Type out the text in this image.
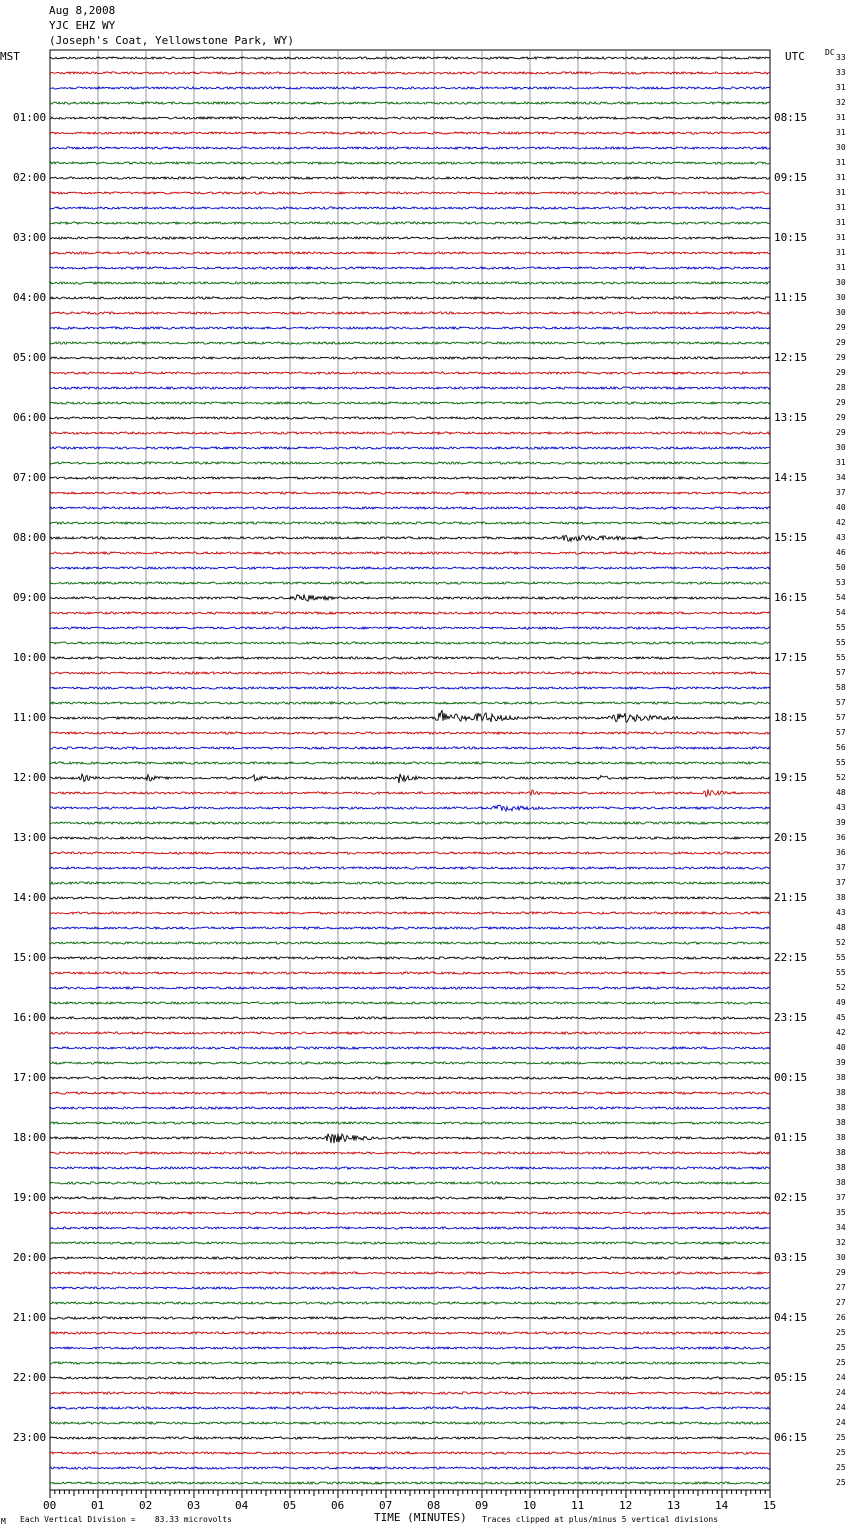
Aug 8,2008
YJC EHZ WY
(Joseph's Coat, Yellowstone Park, WY)
MST	UTC	DC
01:00
02:00
03:00
04:00
05:00
06:00
07:00
08:00
09:00
10:00
11:00
12:00
13:00
14:00
15:00
16:00
17:00
18:00
19:00
20:00
21:00
22:00
23:00
08:15
09:15
10:15
11:15
12:15
13:15
14:15
15:15
16:15
17:15
18:15
19:15
20:15
21:15
22:15
23:15
00:15
01:15
02:15
03:15
04:15
05:15
06:15
33
33
31
32
31
31
30
31
31
31
31
31
31
31
31
30
30
30
29
29
29
29
28
29
29
29
30
31
34
37
40
42
43
46
50
53
54
54
55
55
55
57
58
57
57
57
56
55
52
48
43
39
36
36
37
37
38
43
48
52
55
55
52
49
45
42
40
39
38
38
38
38
38
38
38
38
37
35
34
32
30
29
27
27
26
25
25
25
24
24
24
24
25
25
25
25
00	01	02	03	04	05	06	07	08	09	10	11	12	13	14	15
TIME (MINUTES)
M Each Vertical Division =    83.33 microvolts	Traces clipped at plus/minus 5 vertical divisions
